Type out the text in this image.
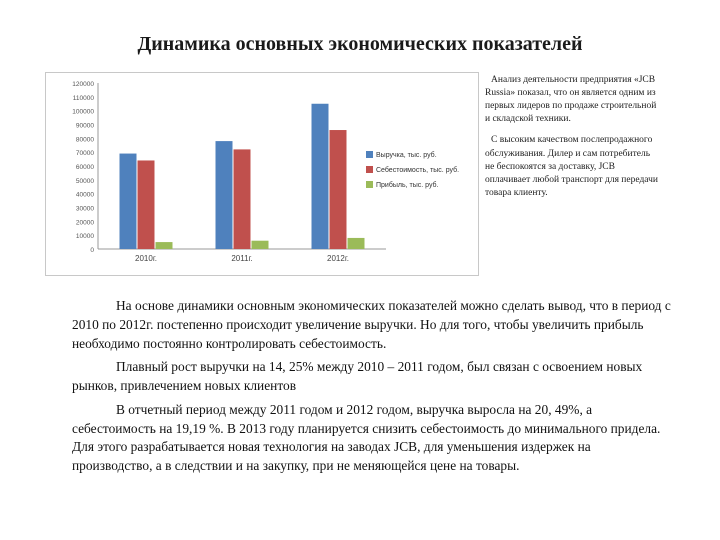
Динамика основных экономических показателей
0
10000
20000
30000
40000
50000
60000
70000
80000
90000
100000
110000
120000
2010г.	2011г.	2012г.
Выручка, тыс. руб.
Себестоимость, тыс. руб.
Прибыль, тыс. руб.

Анализ деятельности предприятия «JCB Russia» показал, что он является одним из первых лидеров по продаже строительной и складской техники.

С высоким качеством послепродажного обслуживания. Дилер и сам потребитель не беспокоятся за доставку, JCB оплачивает любой транспорт для передачи товара клиенту.

На основе динамики основным экономических показателей можно сделать вывод, что в период с 2010 по 2012г. постепенно происходит увеличение выручки. Но для того, чтобы увеличить прибыль необходимо постоянно контролировать себестоимость.

Плавный рост выручки на 14, 25% между 2010 – 2011 годом, был связан с освоением новых рынков, привлечением новых клиентов

В отчетный период между 2011 годом и 2012 годом, выручка выросла на 20, 49%, а себестоимость на 19,19 %. В 2013 году планируется снизить себестоимость до минимального придела. Для этого разрабатывается новая технология на заводах JCB, для уменьшения издержек на производство, а в следствии и на закупку, при не меняющейся цене на товары.
